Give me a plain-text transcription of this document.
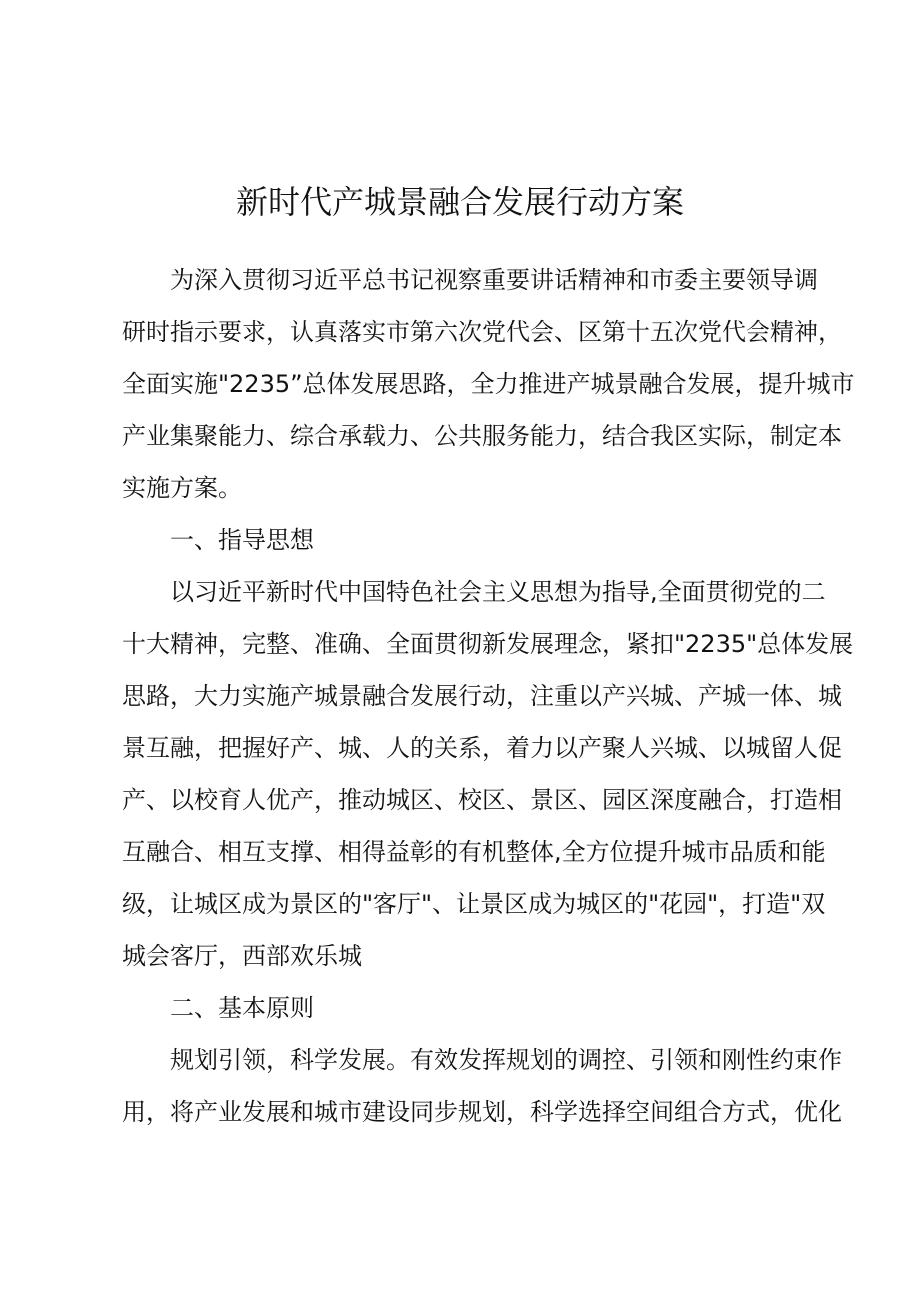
新时代产城景融合发展行动方案

为深入贯彻习近平总书记视察重要讲话精神和市委主要领导调

研时指示要求，认真落实市第六次党代会、区第十五次党代会精神，

全面实施"2235”总体发展思路，全力推进产城景融合发展，提升城市

产业集聚能力、综合承载力、公共服务能力，结合我区实际，制定本

实施方案。

一、指导思想

以习近平新时代中国特色社会主义思想为指导,全面贯彻党的二

十大精神，完整、准确、全面贯彻新发展理念，紧扣"2235"总体发展

思路，大力实施产城景融合发展行动，注重以产兴城、产城一体、城

景互融，把握好产、城、人的关系，着力以产聚人兴城、以城留人促

产、以校育人优产，推动城区、校区、景区、园区深度融合，打造相

互融合、相互支撑、相得益彰的有机整体,全方位提升城市品质和能

级，让城区成为景区的"客厅"、让景区成为城区的"花园"，打造"双

城会客厅，西部欢乐城

二、基本原则

规划引领，科学发展。有效发挥规划的调控、引领和刚性约束作

用，将产业发展和城市建设同步规划，科学选择空间组合方式，优化
